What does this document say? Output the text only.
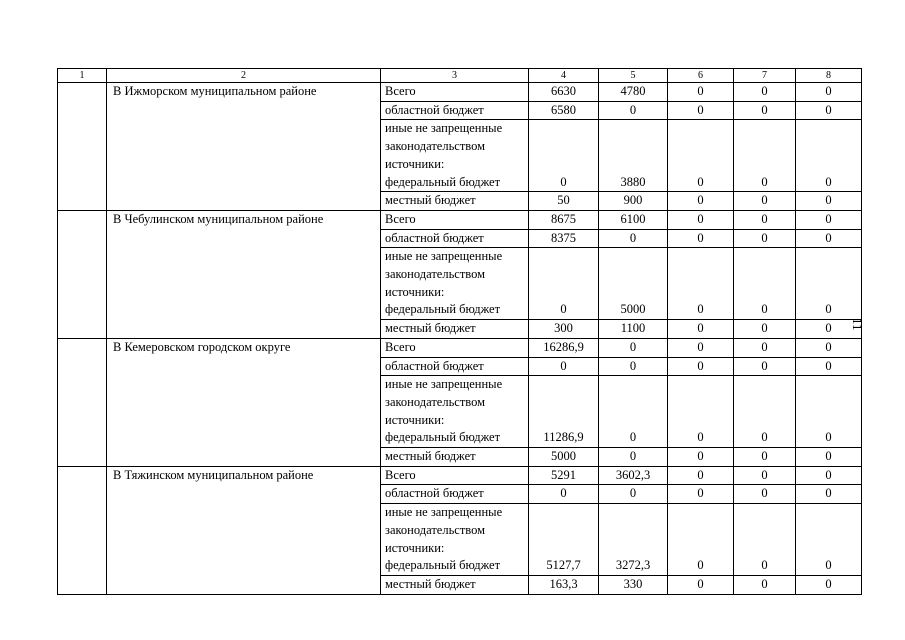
1	2	3	4	5	6	7	8
	В Ижморском муниципальном районе	Всего	6630	4780	0	0	0
		областной бюджет	6580	0	0	0	0

		иные не запрещенные
законодательством
источники:
федеральный бюджет	0	3880	0	0	0
		местный бюджет	50	900	0	0	0
	В Чебулинском муниципальном районе	Всего	8675	6100	0	0	0
		областной бюджет	8375	0	0	0	0

		иные не запрещенные
законодательством
источники:
федеральный бюджет	0	5000	0	0	0
		местный бюджет	300	1100	0	0	0
	В Кемеровском городском округе	Всего	16286,9	0	0	0	0
		областной бюджет	0	0	0	0	0

		иные не запрещенные
законодательством
источники:
федеральный бюджет	11286,9	0	0	0	0
		местный бюджет	5000	0	0	0	0
	В Тяжинском муниципальном районе	Всего	5291	3602,3	0	0	0
		областной бюджет	0	0	0	0	0

		иные не запрещенные
законодательством
источники:
федеральный бюджет	5127,7	3272,3	0	0	0
		местный бюджет	163,3	330	0	0	0
11
